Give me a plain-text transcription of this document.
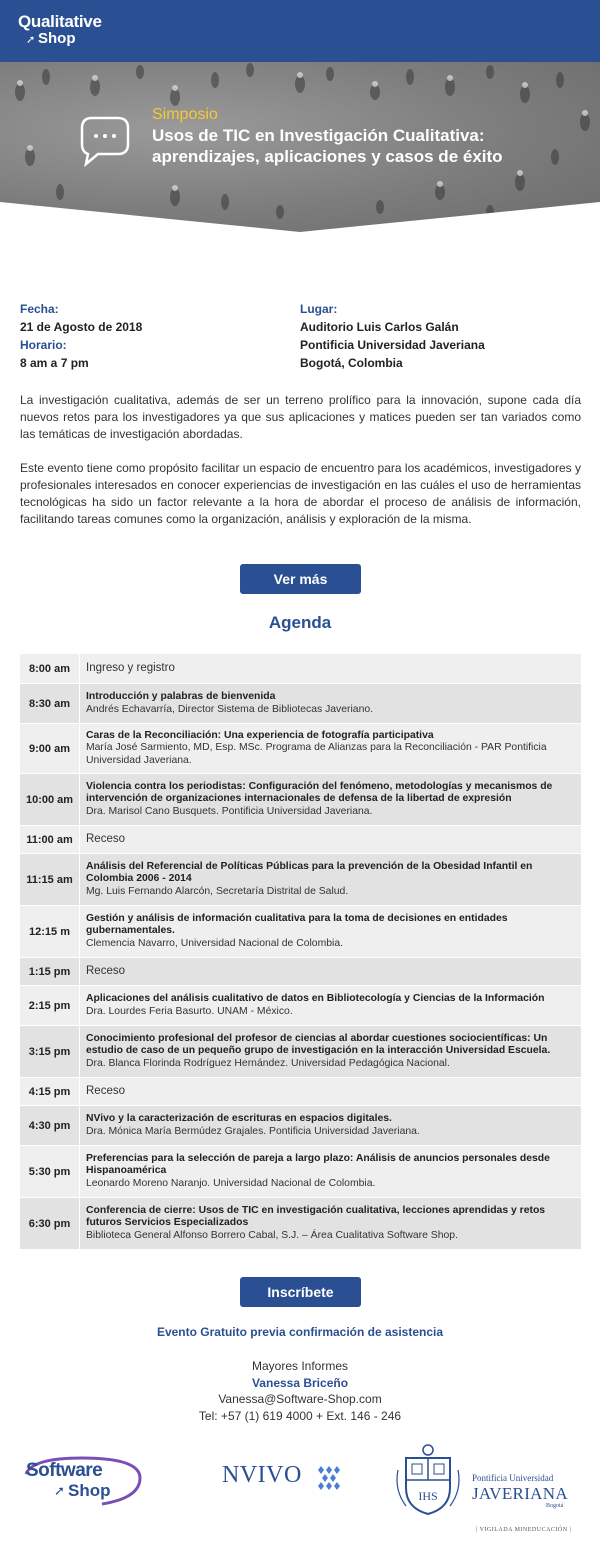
Qualitative
➚ Shop
Simposio
Usos de TIC en Investigación Cualitativa:
aprendizajes, aplicaciones y casos de éxito
Fecha:
21 de Agosto de 2018
Horario:
8 am a 7 pm
Lugar:
Auditorio Luis Carlos Galán
Pontificia Universidad Javeriana
Bogotá, Colombia

La investigación cualitativa, además de ser un terreno prolífico para la innovación, supone cada día nuevos retos para los investigadores ya que sus aplicaciones y matices pueden ser tan variados como las temáticas de investigación abordadas.

Este evento tiene como propósito facilitar un espacio de encuentro para los académicos, investigadores y profesionales interesados en conocer experiencias de investigación en las cuáles el uso de herramientas tecnológicas ha sido un factor relevante a la hora de abordar el proceso de análisis de información, facilitando tareas comunes como la organización, análisis y exploración de la misma.

Ver más
Agenda
8:00 am	Ingreso y registro
8:30 am
Introducción y palabras de bienvenida
Andrés Echavarría, Director Sistema de Bibliotecas Javeriano.
9:00 am
Caras de la Reconciliación: Una experiencia de fotografía participativa
María José Sarmiento, MD, Esp. MSc. Programa de Alianzas para la Reconciliación - PAR Pontificia Universidad Javeriana.
10:00 am
Violencia contra los periodistas: Configuración del fenómeno, metodologías y mecanismos de intervención de organizaciones internacionales de defensa de la libertad de expresión
Dra. Marisol Cano Busquets. Pontificia Universidad Javeriana.
11:00 am	Receso
11:15 am
Análisis del Referencial de Políticas Públicas para la prevención de la Obesidad Infantil en Colombia 2006 - 2014
Mg. Luis Fernando Alarcón, Secretaría Distrital de Salud.
12:15 m
Gestión y análisis de información cualitativa para la toma de decisiones en entidades gubernamentales.
Clemencia Navarro, Universidad Nacional de Colombia.
1:15 pm	Receso
2:15 pm
Aplicaciones del análisis cualitativo de datos en Bibliotecología y Ciencias de la Información
Dra. Lourdes Feria Basurto. UNAM - México.
3:15 pm
Conocimiento profesional del profesor de ciencias al abordar cuestiones sociocientíficas: Un estudio de caso de un pequeño grupo de investigación en la interacción Universidad Escuela.
Dra. Blanca Florinda Rodríguez Hernández. Universidad Pedagógica Nacional.
4:15 pm	Receso
4:30 pm
NVivo y la caracterización de escrituras en espacios digitales.
Dra. Mónica María Bermúdez Grajales. Pontificia Universidad Javeriana.
5:30 pm
Preferencias para la selección de pareja a largo plazo: Análisis de anuncios personales desde Hispanoamérica
Leonardo Moreno Naranjo. Universidad Nacional de Colombia.
6:30 pm
Conferencia de cierre: Usos de TIC en investigación cualitativa, lecciones aprendidas y retos futuros Servicios Especializados
Biblioteca General Alfonso Borrero Cabal, S.J. – Área Cualitativa Software Shop.
Inscríbete
Evento Gratuito previa confirmación de asistencia
Mayores Informes
Vanessa Briceño
Vanessa@Software-Shop.com
Tel: +57 (1) 619 4000 + Ext. 146 - 246
Software
➚ Shop
NVIVO
IHS
Pontificia Universidad
JAVERIANA
Bogotá
| VIGILADA MINEDUCACIÓN |
